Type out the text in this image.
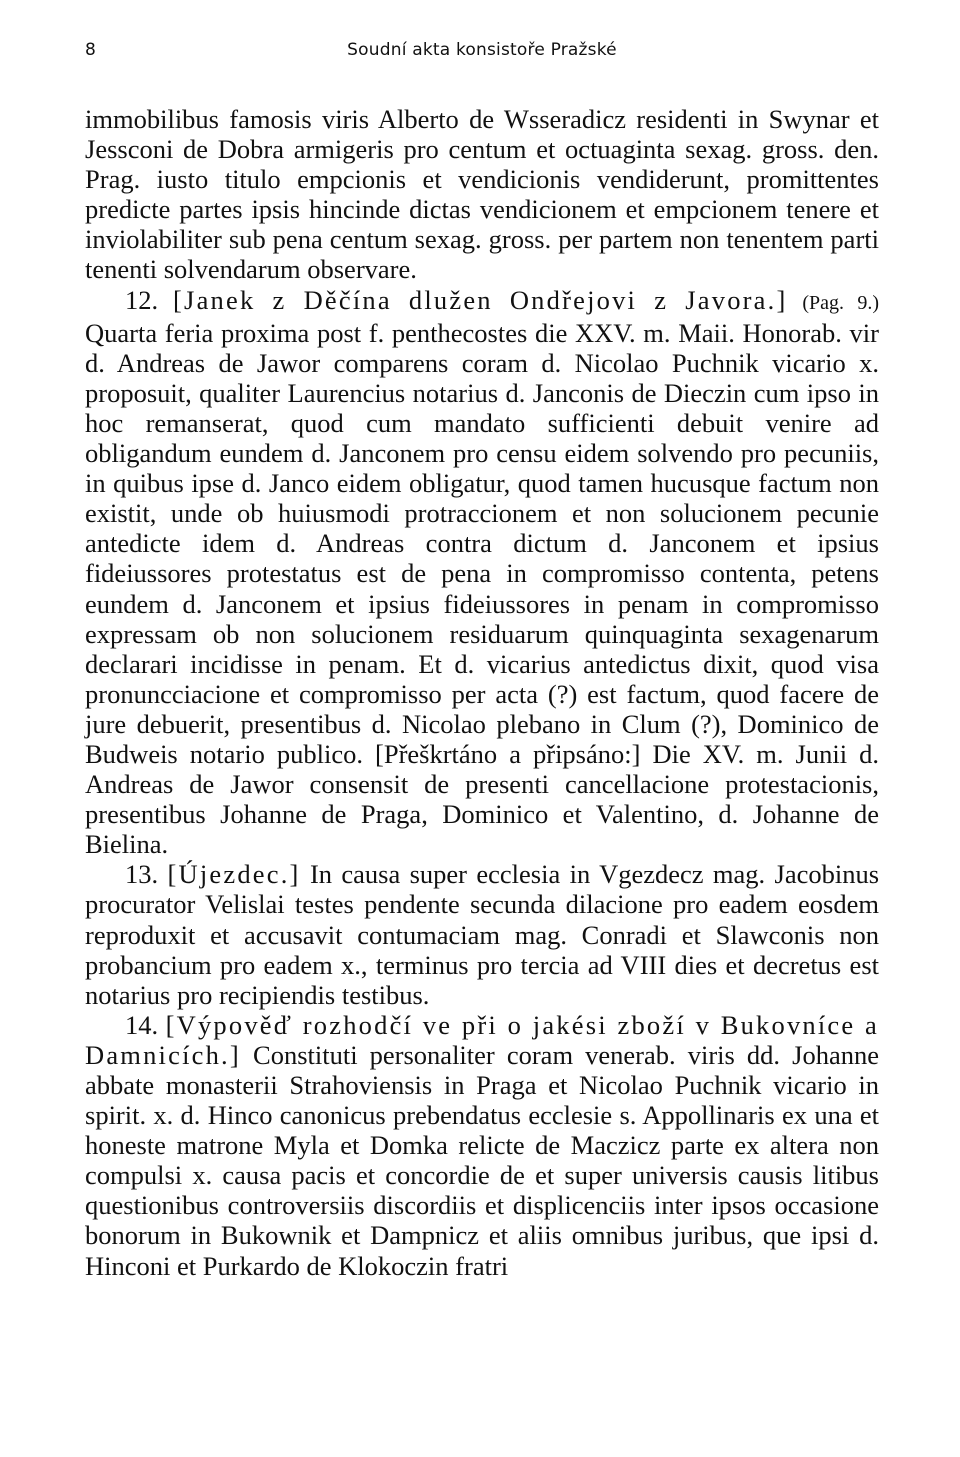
8	Soudní akta konsistoře Pražské

immobilibus famosis viris Alberto de Wsseradicz residenti in Swynar et Jessconi de Dobra armigeris pro centum et octuaginta sexag. gross. den. Prag. iusto titulo empcionis et vendicionis vendiderunt, promittentes predicte partes ipsis hincinde dictas vendicionem et empcionem tenere et inviolabiliter sub pena centum sexag. gross. per partem non tenentem parti tenenti solvendarum observare.

12. [Janek z Děčína dlužen Ondřejovi z Javora.] (Pag. 9.) Quarta feria proxima post f. penthecostes die XXV. m. Maii. Honorab. vir d. Andreas de Jawor comparens coram d. Nicolao Puchnik vicario x. proposuit, qualiter Laurencius notarius d. Janconis de Dieczin cum ipso in hoc remanserat, quod cum mandato sufficienti debuit venire ad obligandum eundem d. Janconem pro censu eidem solvendo pro pecuniis, in quibus ipse d. Janco eidem obligatur, quod tamen hucusque factum non existit, unde ob huiusmodi protraccionem et non solucionem pecunie antedicte idem d. Andreas contra dictum d. Janconem et ipsius fideiussores protestatus est de pena in compromisso contenta, petens eundem d. Janconem et ipsius fideiussores in penam in compromisso expressam ob non solucionem residuarum quinquaginta sexagenarum declarari incidisse in penam. Et d. vicarius antedictus dixit, quod visa pronuncciacione et compromisso per acta (?) est factum, quod facere de jure debuerit, presentibus d. Nicolao plebano in Clum (?), Dominico de Budweis notario publico. [Přeškrtáno a připsáno:] Die XV. m. Junii d. Andreas de Jawor consensit de presenti cancellacione protestacionis, presentibus Johanne de Praga, Dominico et Valentino, d. Johanne de Bielina.

13. [Újezdec.] In causa super ecclesia in Vgezdecz mag. Jacobinus procurator Velislai testes pendente secunda dilacione pro eadem eosdem reproduxit et accusavit contumaciam mag. Conradi et Slawconis non probancium pro eadem x., terminus pro tercia ad VIII dies et decretus est notarius pro recipiendis testibus.

14. [Výpověď rozhodčí ve při o jakési zboží v Bukovníce a Damnicích.] Constituti personaliter coram venerab. viris dd. Johanne abbate monasterii Strahoviensis in Praga et Nicolao Puchnik vicario in spirit. x. d. Hinco canonicus prebendatus ecclesie s. Appollinaris ex una et honeste matrone Myla et Domka relicte de Maczicz parte ex altera non compulsi x. causa pacis et concordie de et super universis causis litibus questionibus controversiis discordiis et displicenciis inter ipsos occasione bonorum in Bukownik et Dampnicz et aliis omnibus juribus, que ipsi d. Hinconi et Purkardo de Klokoczin fratri
